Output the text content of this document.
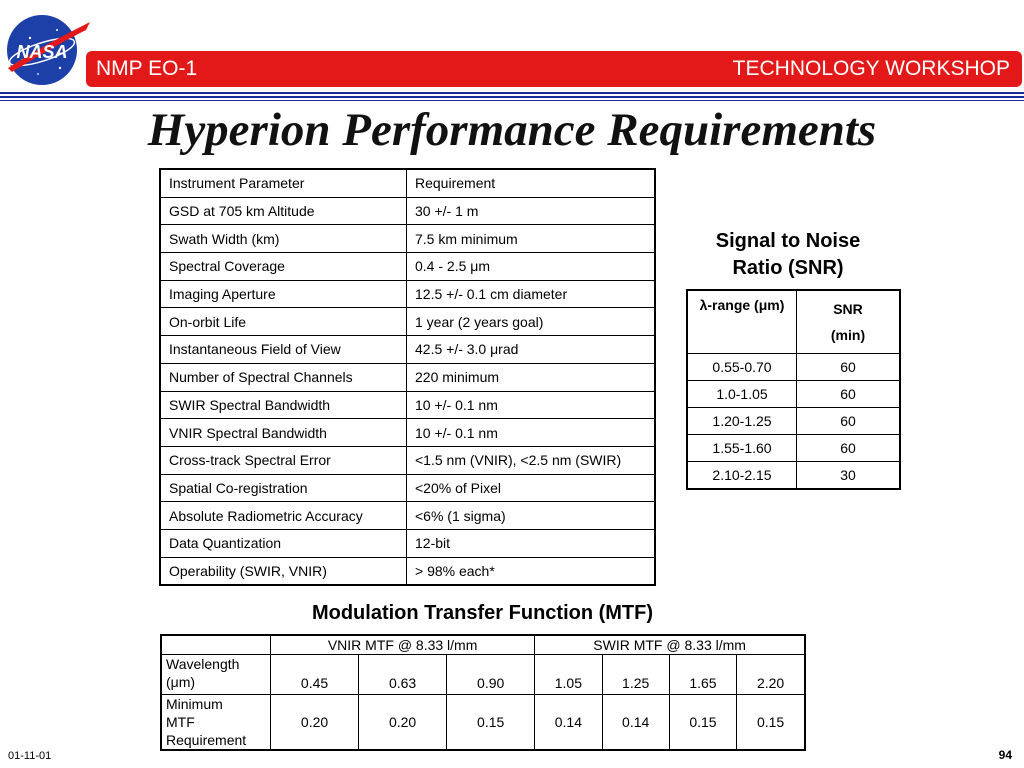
NASA
NMP EO-1	TECHNOLOGY WORKSHOP
Hyperion Performance Requirements
Instrument Parameter	Requirement
GSD at 705 km Altitude	30 +/- 1 m
Swath Width (km)	7.5 km minimum
Spectral Coverage	0.4 - 2.5 μm
Imaging Aperture	12.5 +/- 0.1 cm diameter
On-orbit Life	1 year (2 years goal)
Instantaneous Field of View	42.5 +/- 3.0 μrad
Number of Spectral Channels	220 minimum
SWIR Spectral Bandwidth	10 +/- 0.1 nm
VNIR Spectral Bandwidth	10 +/- 0.1 nm
Cross-track Spectral Error	<1.5 nm (VNIR), <2.5 nm (SWIR)
Spatial Co-registration	<20% of Pixel
Absolute Radiometric Accuracy	<6% (1 sigma)
Data Quantization	12-bit
Operability (SWIR, VNIR)	> 98% each*
Signal to Noise
Ratio (SNR)
λ-range (μm)	SNR
(min)

0.55-0.70	60
1.0-1.05	60
1.20-1.25	60
1.55-1.60	60
2.10-2.15	30
Modulation Transfer Function (MTF)
	VNIR MTF @ 8.33 l/mm			SWIR MTF @ 8.33 l/mm			

Wavelength
(μm)	0.45	0.63	0.90	1.05	1.25	1.65	2.20

Minimum
MTF
Requirement	0.20	0.20	0.15	0.14	0.14	0.15	0.15
01-11-01	94
